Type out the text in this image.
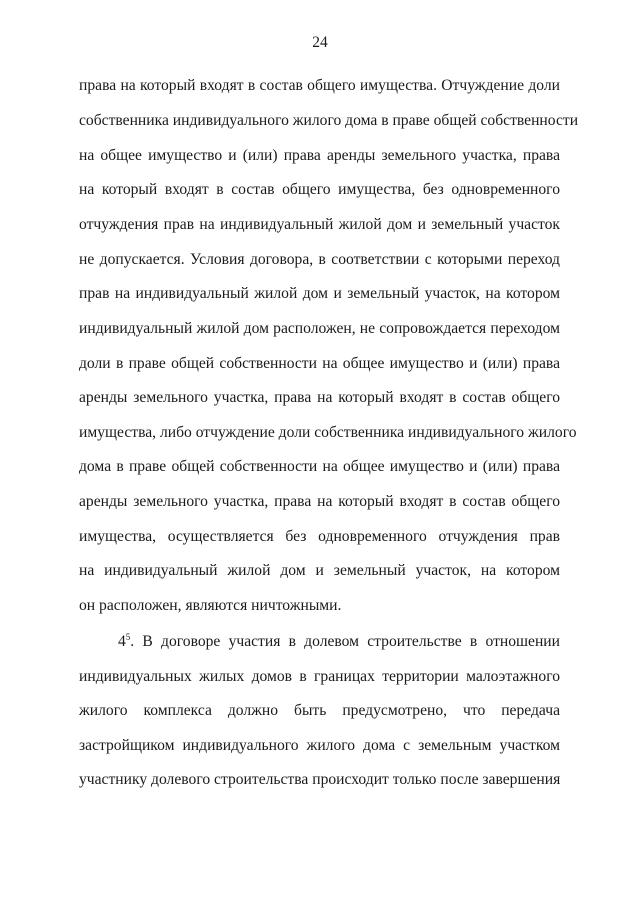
24
права на который входят в состав общего имущества. Отчуждение доли
собственника индивидуального жилого дома в праве общей собственности
на общее имущество и (или) права аренды земельного участка, права
на который входят в состав общего имущества, без одновременного
отчуждения прав на индивидуальный жилой дом и земельный участок
не допускается. Условия договора, в соответствии с которыми переход
прав на индивидуальный жилой дом и земельный участок, на котором
индивидуальный жилой дом расположен, не сопровождается переходом
доли в праве общей собственности на общее имущество и (или) права
аренды земельного участка, права на который входят в состав общего
имущества, либо отчуждение доли собственника индивидуального жилого
дома в праве общей собственности на общее имущество и (или) права
аренды земельного участка, права на который входят в состав общего
имущества, осуществляется без одновременного отчуждения прав
на индивидуальный жилой дом и земельный участок, на котором
он расположен, являются ничтожными.
$4^5$. В договоре участия в долевом строительстве в отношении
индивидуальных жилых домов в границах территории малоэтажного
жилого комплекса должно быть предусмотрено, что передача
застройщиком индивидуального жилого дома с земельным участком
участнику долевого строительства происходит только после завершения
